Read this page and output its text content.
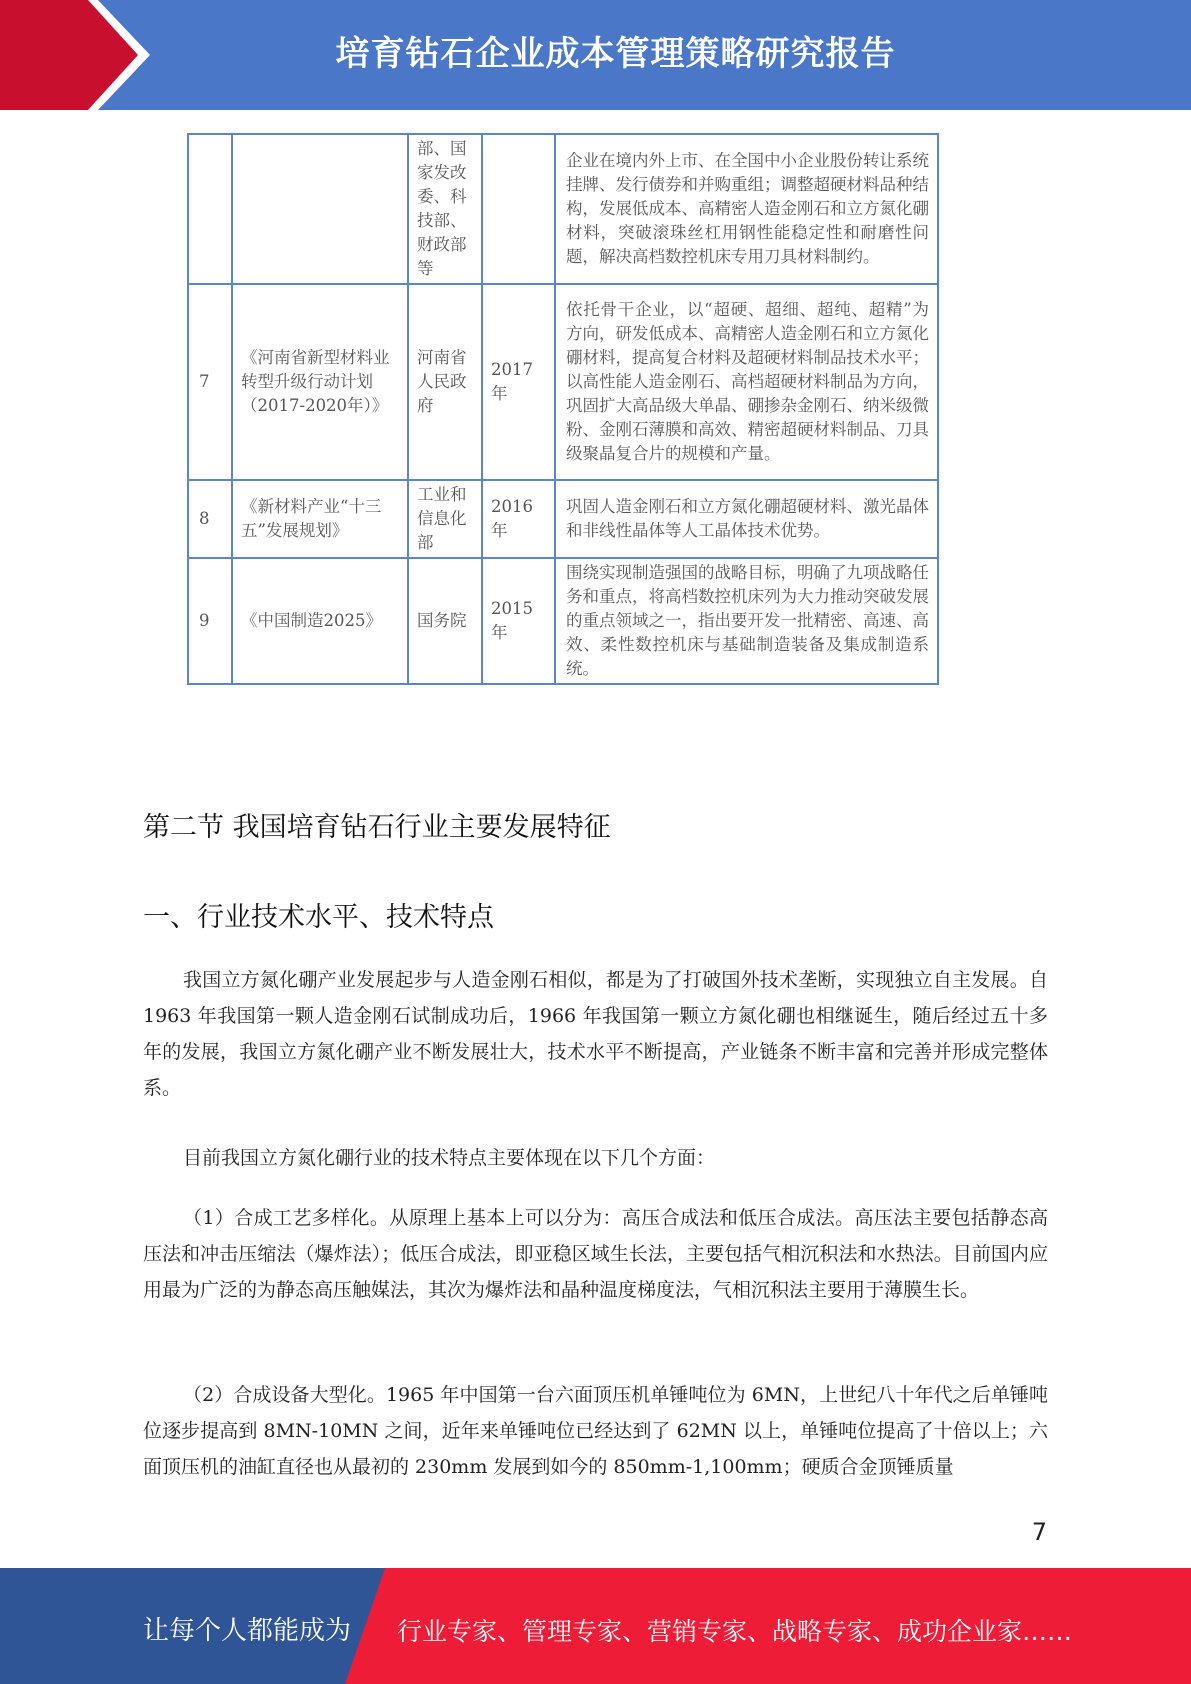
培育钻石企业成本管理策略研究报告
		部、国家发改委、科技部、财政部等		企业在境内外上市、在全国中小企业股份转让系统挂牌、发行债券和并购重组；调整超硬材料品种结构，发展低成本、高精密人造金刚石和立方氮化硼材料，突破滚珠丝杠用钢性能稳定性和耐磨性问题，解决高档数控机床专用刀具材料制约。
7	《河南省新型材料业转型升级行动计划（2017-2020年）》	河南省人民政府	2017年	依托骨干企业，以“超硬、超细、超纯、超精”为方向，研发低成本、高精密人造金刚石和立方氮化硼材料，提高复合材料及超硬材料制品技术水平；以高性能人造金刚石、高档超硬材料制品为方向，巩固扩大高品级大单晶、硼掺杂金刚石、纳米级微粉、金刚石薄膜和高效、精密超硬材料制品、刀具级聚晶复合片的规模和产量。
8	《新材料产业“十三五”发展规划》	工业和信息化部	2016年	巩固人造金刚石和立方氮化硼超硬材料、激光晶体和非线性晶体等人工晶体技术优势。
9	《中国制造2025》	国务院	2015年	围绕实现制造强国的战略目标，明确了九项战略任务和重点，将高档数控机床列为大力推动突破发展的重点领域之一，指出要开发一批精密、高速、高效、柔性数控机床与基础制造装备及集成制造系统。
第二节 我国培育钻石行业主要发展特征
一、行业技术水平、技术特点

我国立方氮化硼产业发展起步与人造金刚石相似，都是为了打破国外技术垄断，实现独立自主发展。自 1963 年我国第一颗人造金刚石试制成功后，1966 年我国第一颗立方氮化硼也相继诞生，随后经过五十多年的发展，我国立方氮化硼产业不断发展壮大，技术水平不断提高，产业链条不断丰富和完善并形成完整体系。

目前我国立方氮化硼行业的技术特点主要体现在以下几个方面：

（1）合成工艺多样化。从原理上基本上可以分为：高压合成法和低压合成法。高压法主要包括静态高压法和冲击压缩法（爆炸法）；低压合成法，即亚稳区域生长法，主要包括气相沉积法和水热法。目前国内应用最为广泛的为静态高压触媒法，其次为爆炸法和晶种温度梯度法，气相沉积法主要用于薄膜生长。

（2）合成设备大型化。1965 年中国第一台六面顶压机单锤吨位为 6MN，上世纪八十年代之后单锤吨位逐步提高到 8MN-10MN 之间，近年来单锤吨位已经达到了 62MN 以上，单锤吨位提高了十倍以上；六面顶压机的油缸直径也从最初的 230mm 发展到如今的 850mm-1,100mm；硬质合金顶锤质量

7
让每个人都能成为 行业专家、管理专家、营销专家、战略专家、成功企业家……
